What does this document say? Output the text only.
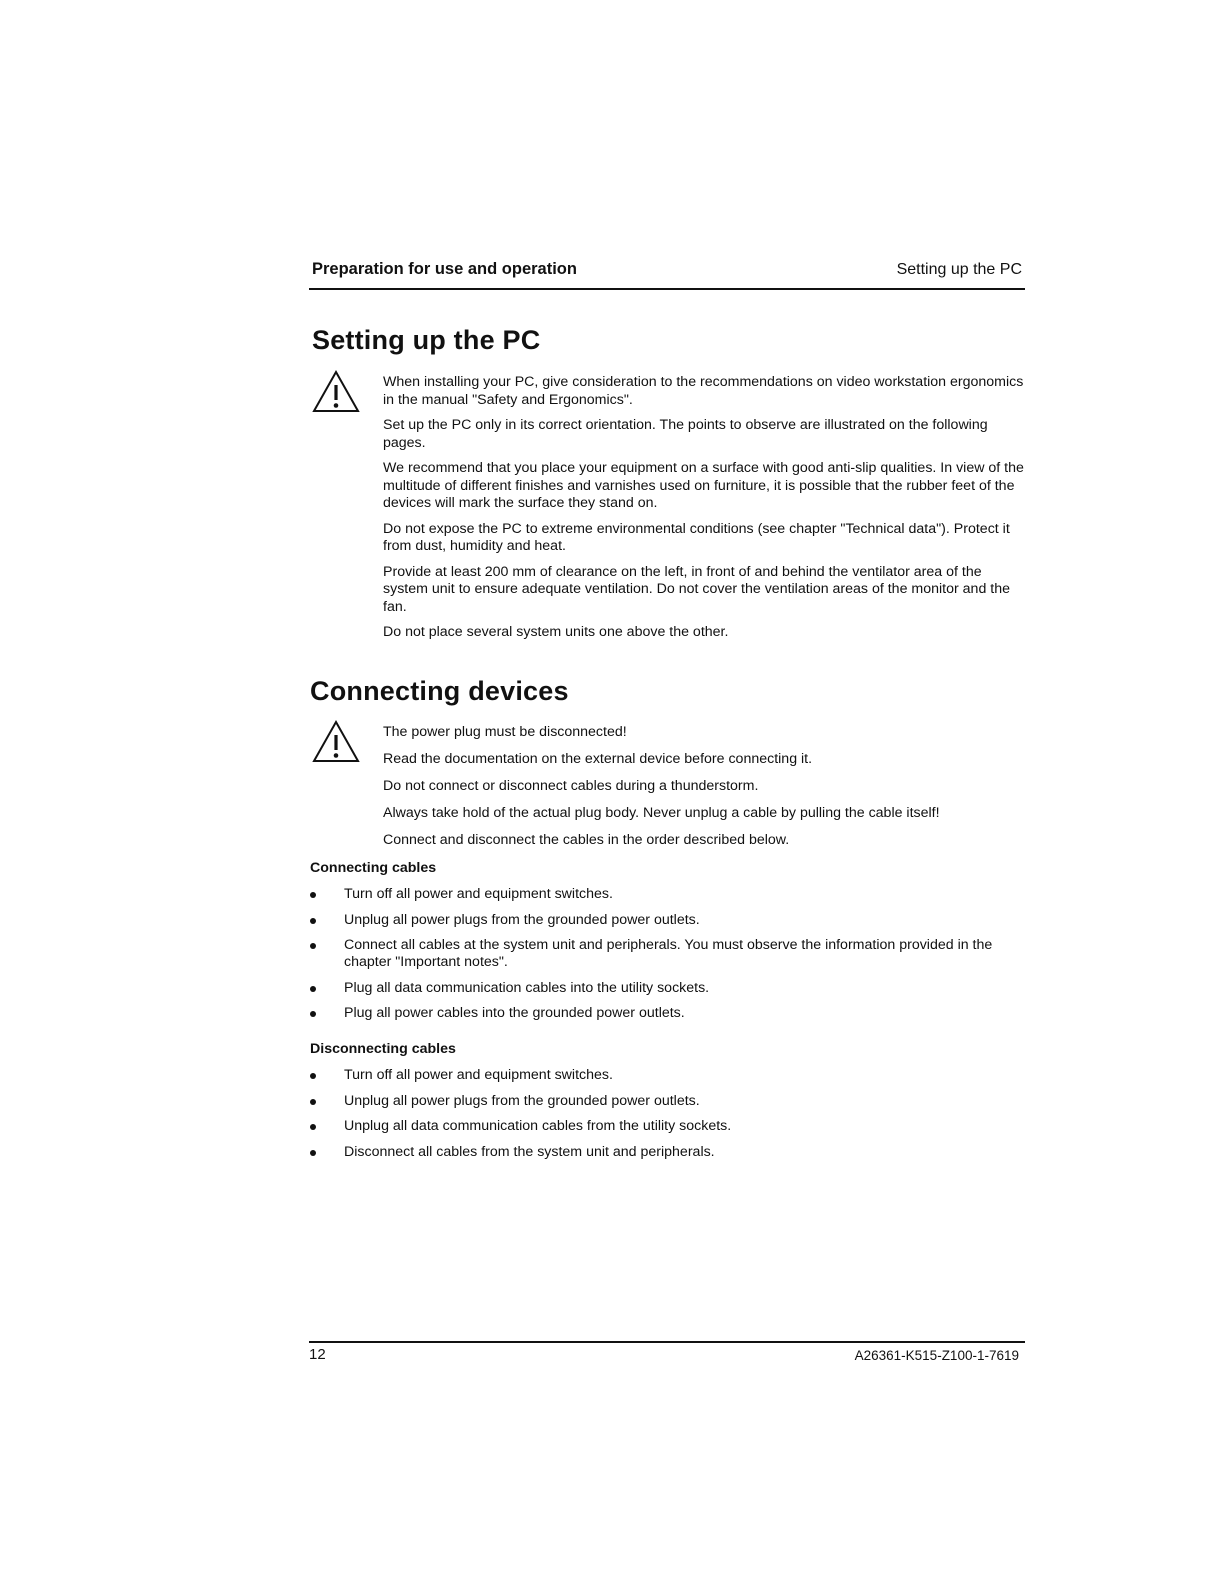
Preparation for use and operation	Setting up the PC
Setting up the PC

When installing your PC, give consideration to the recommendations on video workstation ergonomics in the manual "Safety and Ergonomics".

Set up the PC only in its correct orientation. The points to observe are illustrated on the following pages.

We recommend that you place your equipment on a surface with good anti-slip qualities. In view of the multitude of different finishes and varnishes used on furniture, it is possible that the rubber feet of the devices will mark the surface they stand on.

Do not expose the PC to extreme environmental conditions (see chapter "Technical data"). Protect it from dust, humidity and heat.

Provide at least 200 mm of clearance on the left, in front of and behind the ventilator area of the system unit to ensure adequate ventilation. Do not cover the ventilation areas of the monitor and the fan.

Do not place several system units one above the other.

Connecting devices

The power plug must be disconnected!

Read the documentation on the external device before connecting it.

Do not connect or disconnect cables during a thunderstorm.

Always take hold of the actual plug body. Never unplug a cable by pulling the cable itself!

Connect and disconnect the cables in the order described below.

Connecting cables
Turn off all power and equipment switches.
Unplug all power plugs from the grounded power outlets.
Connect all cables at the system unit and peripherals. You must observe the information provided in the chapter "Important notes".
Plug all data communication cables into the utility sockets.
Plug all power cables into the grounded power outlets.
Disconnecting cables
Turn off all power and equipment switches.
Unplug all power plugs from the grounded power outlets.
Unplug all data communication cables from the utility sockets.
Disconnect all cables from the system unit and peripherals.
12	A26361-K515-Z100-1-7619
